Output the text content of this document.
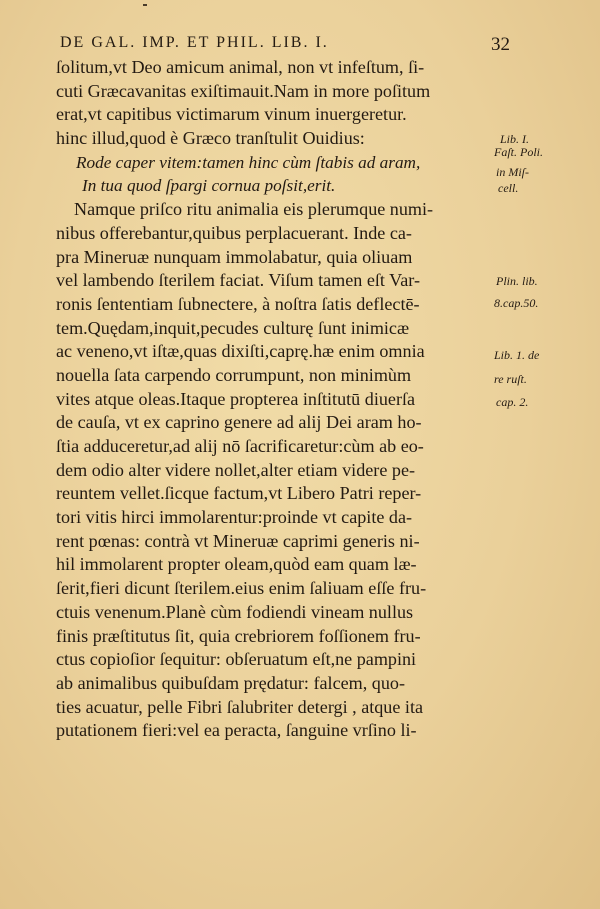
DE GAL. IMP. ET PHIL. LIB. I.	32
ſolitum,vt Deo amicum animal, non vt infeſtum, ſi-
cuti Græcavanitas exiſtimauit.Nam in more poſitum
erat,vt capitibus victimarum vinum inuergeretur.
hinc illud,quod è Græco tranſtulit Ouidius:
Rode caper vitem:tamen hinc cùm ſtabis ad aram,
In tua quod ſpargi cornua poſsit,erit.
Namque priſco ritu animalia eis plerumque numi-
nibus offerebantur,quibus perplacuerant. Inde ca-
pra Mineruæ nunquam immolabatur, quia oliuam
vel lambendo ſterilem faciat. Viſum tamen eſt Var-
ronis ſententiam ſubnectere, à noſtra ſatis deflectē-
tem.Quędam,inquit,pecudes culturę ſunt inimicæ
ac veneno,vt iſtæ,quas dixiſti,caprę.hæ enim omnia
nouella ſata carpendo corrumpunt, non minimùm
vites atque oleas.Itaque propterea inſtitutū diuerſa
de cauſa, vt ex caprino genere ad alij Dei aram ho-
ſtia adduceretur,ad alij nō ſacrificaretur:cùm ab eo-
dem odio alter videre nollet,alter etiam videre pe-
reuntem vellet.ſicque factum,vt Libero Patri reper-
tori vitis hirci immolarentur:proinde vt capite da-
rent pœnas: contrà vt Mineruæ caprimi generis ni-
hil immolarent propter oleam,quòd eam quam læ-
ſerit,fieri dicunt ſterilem.eius enim ſaliuam eſſe fru-
ctuis venenum.Planè cùm fodiendi vineam nullus
finis præſtitutus ſit, quia crebriorem foſſionem fru-
ctus copioſior ſequitur: obſeruatum eſt,ne pampini
ab animalibus quibuſdam prędatur: falcem, quo-
ties acuatur, pelle Fibri ſalubriter detergi , atque ita
putationem fieri:vel ea peracta, ſanguine vrſino li-
Lib. I.
Faſt. Poli.
in Miſ-
cell.
Plin. lib.
8.cap.50.
Lib. 1. de
re ruſt.
cap. 2.
